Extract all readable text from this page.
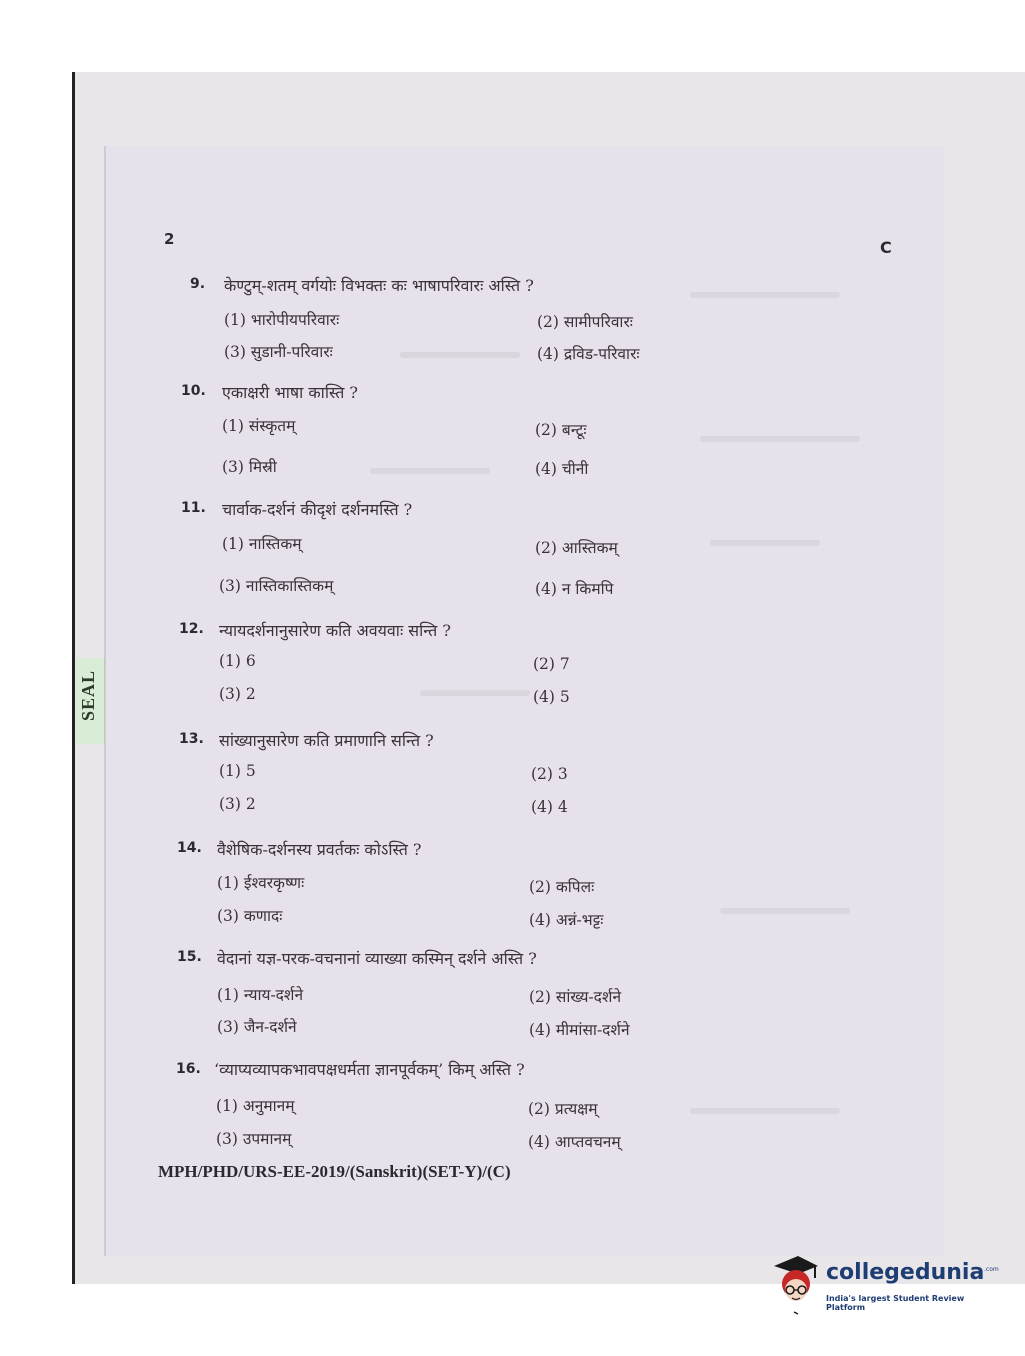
2	C
SEAL
9. केण्टुम्-शतम् वर्गयोः विभक्तः कः भाषापरिवारः अस्ति ?
(1) भारोपीयपरिवारः	(2) सामीपरिवारः
(3) सुडानी-परिवारः	(4) द्रविड-परिवारः
10. एकाक्षरी भाषा कास्ति ?
(1) संस्कृतम्	(2) बन्टूः
(3) मिस्री	(4) चीनी
11. चार्वाक-दर्शनं कीदृशं दर्शनमस्ति ?
(1) नास्तिकम्	(2) आस्तिकम्
(3) नास्तिकास्तिकम्	(4) न किमपि
12. न्यायदर्शनानुसारेण कति अवयवाः सन्ति ?
(1) 6	(2) 7
(3) 2	(4) 5
13. सांख्यानुसारेण कति प्रमाणानि सन्ति ?
(1) 5	(2) 3
(3) 2	(4) 4
14. वैशेषिक-दर्शनस्य प्रवर्तकः कोऽस्ति ?
(1) ईश्वरकृष्णः	(2) कपिलः
(3) कणादः	(4) अन्नं-भट्टः
15. वेदानां यज्ञ-परक-वचनानां व्याख्या कस्मिन् दर्शने अस्ति ?
(1) न्याय-दर्शने	(2) सांख्य-दर्शने
(3) जैन-दर्शने	(4) मीमांसा-दर्शने
16. ‘व्याप्यव्यापकभावपक्षधर्मता ज्ञानपूर्वकम्’ किम् अस्ति ?
(1) अनुमानम्	(2) प्रत्यक्षम्
(3) उपमानम्	(4) आप्तवचनम्
MPH/PHD/URS-EE-2019/(Sanskrit)(SET-Y)/(C)
collegedunia .com
India's largest Student Review Platform
